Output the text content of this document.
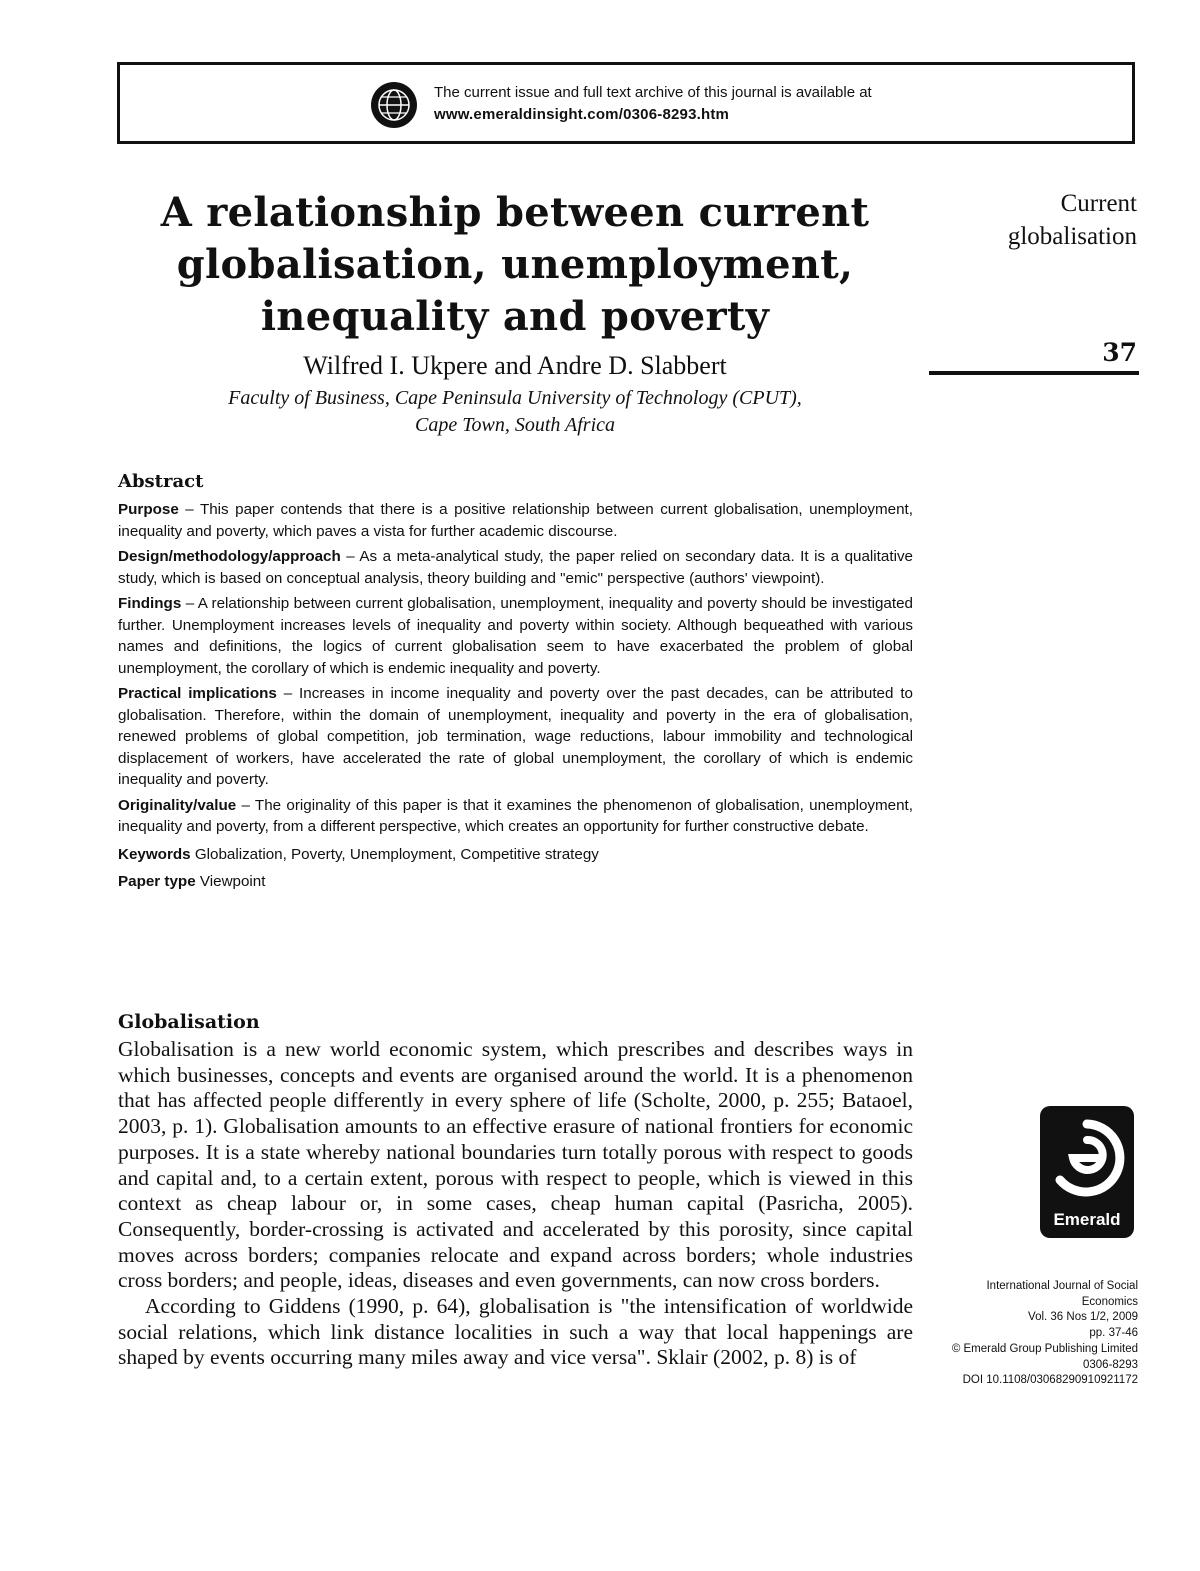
The current issue and full text archive of this journal is available at
www.emeraldinsight.com/0306-8293.htm
A relationship between current
globalisation, unemployment,
inequality and poverty
Wilfred I. Ukpere and Andre D. Slabbert
Faculty of Business, Cape Peninsula University of Technology (CPUT),
Cape Town, South Africa
Current
globalisation
37
Abstract

Purpose – This paper contends that there is a positive relationship between current globalisation, unemployment, inequality and poverty, which paves a vista for further academic discourse.

Design/methodology/approach – As a meta-analytical study, the paper relied on secondary data. It is a qualitative study, which is based on conceptual analysis, theory building and "emic" perspective (authors' viewpoint).

Findings – A relationship between current globalisation, unemployment, inequality and poverty should be investigated further. Unemployment increases levels of inequality and poverty within society. Although bequeathed with various names and definitions, the logics of current globalisation seem to have exacerbated the problem of global unemployment, the corollary of which is endemic inequality and poverty.

Practical implications – Increases in income inequality and poverty over the past decades, can be attributed to globalisation. Therefore, within the domain of unemployment, inequality and poverty in the era of globalisation, renewed problems of global competition, job termination, wage reductions, labour immobility and technological displacement of workers, have accelerated the rate of global unemployment, the corollary of which is endemic inequality and poverty.

Originality/value – The originality of this paper is that it examines the phenomenon of globalisation, unemployment, inequality and poverty, from a different perspective, which creates an opportunity for further constructive debate.

Keywords Globalization, Poverty, Unemployment, Competitive strategy

Paper type Viewpoint

Globalisation

Globalisation is a new world economic system, which prescribes and describes ways in which businesses, concepts and events are organised around the world. It is a phenomenon that has affected people differently in every sphere of life (Scholte, 2000, p. 255; Bataoel, 2003, p. 1). Globalisation amounts to an effective erasure of national frontiers for economic purposes. It is a state whereby national boundaries turn totally porous with respect to goods and capital and, to a certain extent, porous with respect to people, which is viewed in this context as cheap labour or, in some cases, cheap human capital (Pasricha, 2005). Consequently, border-crossing is activated and accelerated by this porosity, since capital moves across borders; companies relocate and expand across borders; whole industries cross borders; and people, ideas, diseases and even governments, can now cross borders.

According to Giddens (1990, p. 64), globalisation is "the intensification of worldwide social relations, which link distance localities in such a way that local happenings are shaped by events occurring many miles away and vice versa". Sklair (2002, p. 8) is of

Emerald
International Journal of Social
Economics
Vol. 36 Nos 1/2, 2009
pp. 37-46
© Emerald Group Publishing Limited
0306-8293
DOI 10.1108/03068290910921172
